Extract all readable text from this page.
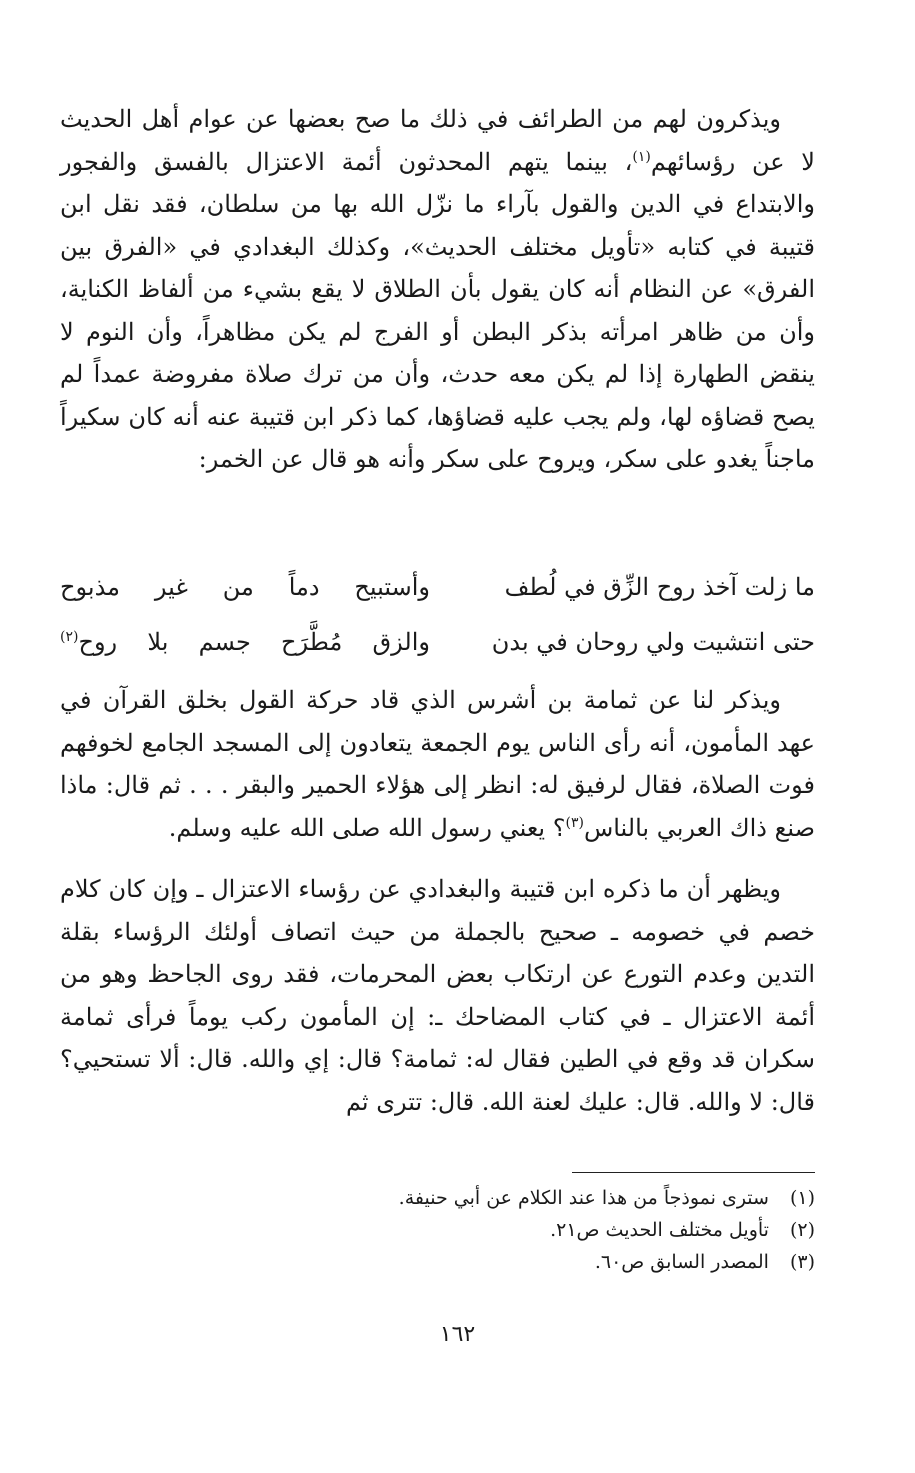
ويذكرون لهم من الطرائف في ذلك ما صح بعضها عن عوام أهل الحديث لا عن رؤسائهم$^{(١)}$، بينما يتهم المحدثون أئمة الاعتزال بالفسق والفجور والابتداع في الدين والقول بآراء ما نزّل الله بها من سلطان، فقد نقل ابن قتيبة في كتابه «تأويل مختلف الحديث»، وكذلك البغدادي في «الفرق بين الفرق» عن النظام أنه كان يقول بأن الطلاق لا يقع بشيء من ألفاظ الكناية، وأن من ظاهر امرأته بذكر البطن أو الفرج لم يكن مظاهراً، وأن النوم لا ينقض الطهارة إذا لم يكن معه حدث، وأن من ترك صلاة مفروضة عمداً لم يصح قضاؤه لها، ولم يجب عليه قضاؤها، كما ذكر ابن قتيبة عنه أنه كان سكيراً ماجناً يغدو على سكر، ويروح على سكر وأنه هو قال عن الخمر:

ما زلت آخذ روح الزِّق في لُطف
وأستبيح دماً من غير مذبوح
حتى انتشيت ولي روحان في بدن
والزق مُطَّرَح جسم بلا روح$^{(٢)}$

ويذكر لنا عن ثمامة بن أشرس الذي قاد حركة القول بخلق القرآن في عهد المأمون، أنه رأى الناس يوم الجمعة يتعادون إلى المسجد الجامع لخوفهم فوت الصلاة، فقال لرفيق له: انظر إلى هؤلاء الحمير والبقر . . . ثم قال: ماذا صنع ذاك العربي بالناس$^{(٣)}$؟ يعني رسول الله صلى الله عليه وسلم.

ويظهر أن ما ذكره ابن قتيبة والبغدادي عن رؤساء الاعتزال ـ وإن كان كلام خصم في خصومه ـ صحيح بالجملة من حيث اتصاف أولئك الرؤساء بقلة التدين وعدم التورع عن ارتكاب بعض المحرمات، فقد روى الجاحظ وهو من أئمة الاعتزال ـ في كتاب المضاحك ـ: إن المأمون ركب يوماً فرأى ثمامة سكران قد وقع في الطين فقال له: ثمامة؟ قال: إي والله. قال: ألا تستحيي؟ قال: لا والله. قال: عليك لعنة الله. قال: تترى ثم

(١) سترى نموذجاً من هذا عند الكلام عن أبي حنيفة.

(٢) تأويل مختلف الحديث ص٢١.

(٣) المصدر السابق ص٦٠.

١٦٢
